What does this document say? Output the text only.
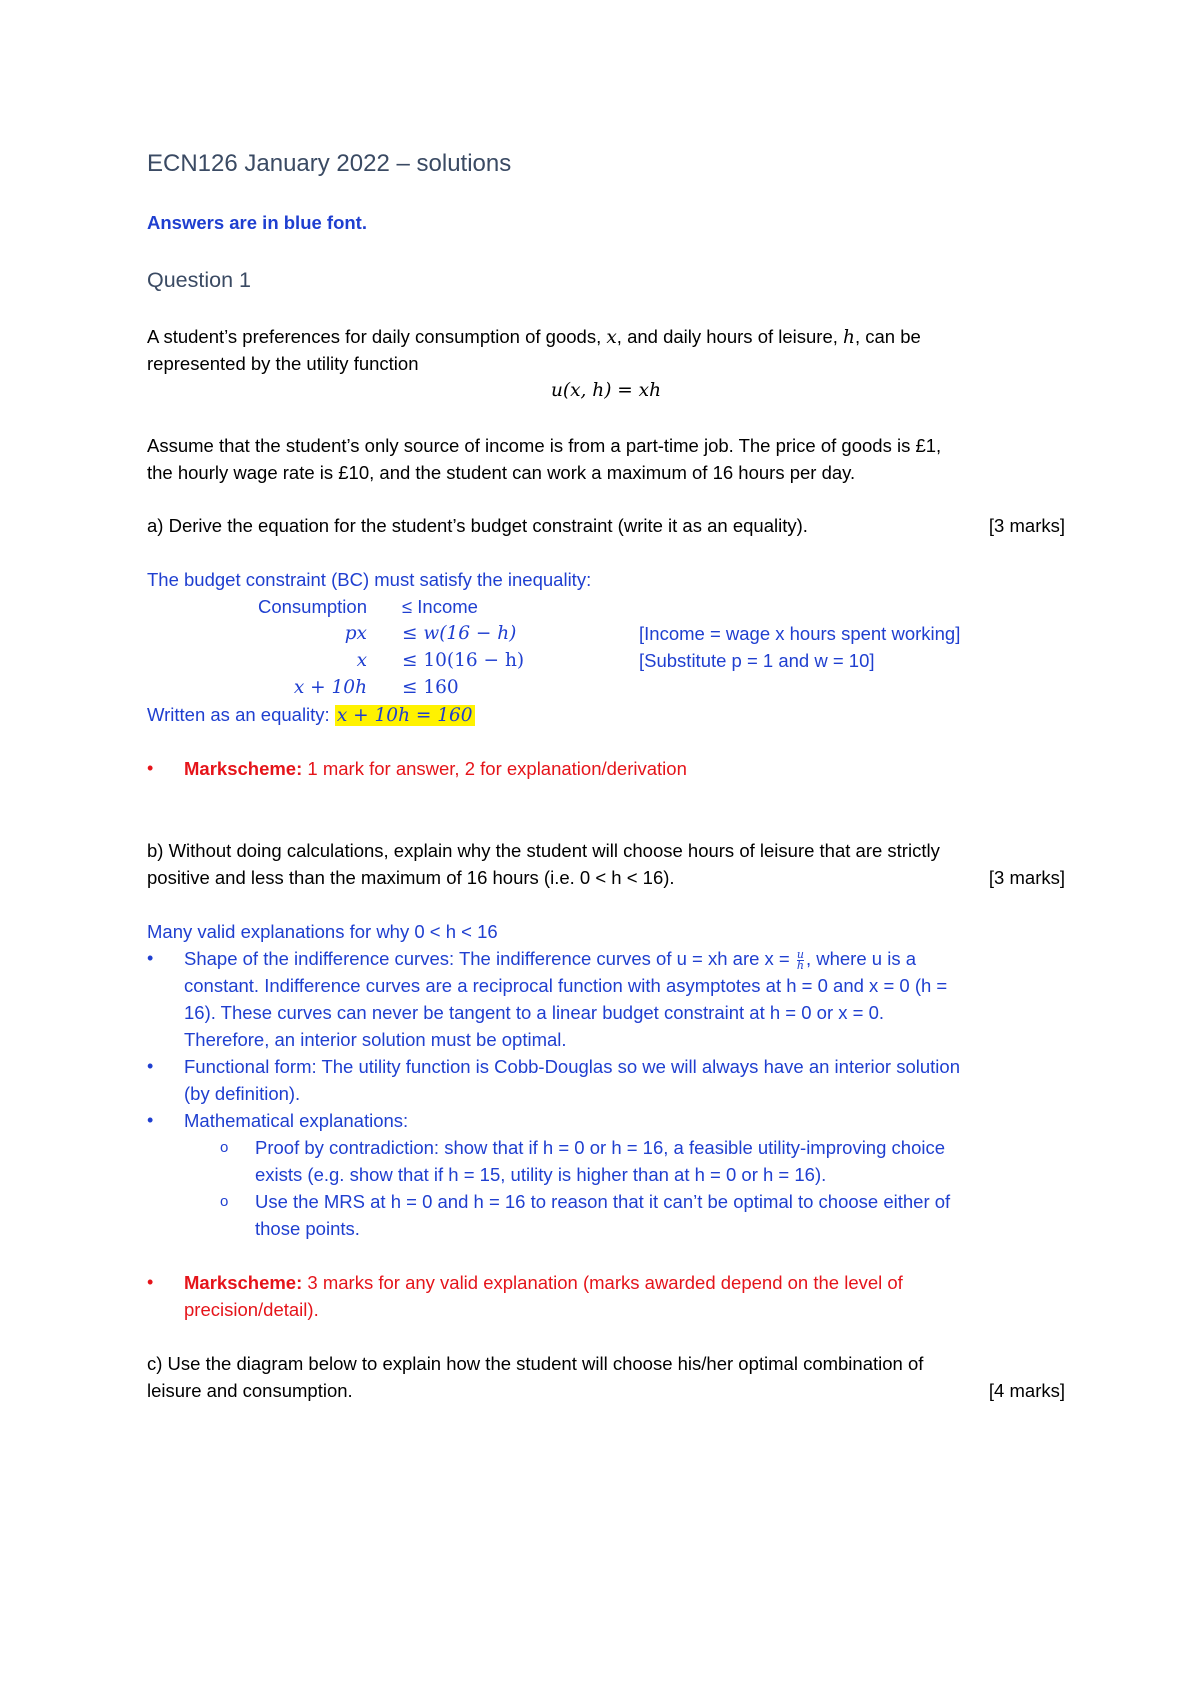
ECN126 January 2022 – solutions
Answers are in blue font.
Question 1
A student’s preferences for daily consumption of goods, x, and daily hours of leisure, h, can be
represented by the utility function
u(x, h) = xh
Assume that the student’s only source of income is from a part-time job. The price of goods is £1,
the hourly wage rate is £10, and the student can work a maximum of 16 hours per day.
a) Derive the equation for the student’s budget constraint (write it as an equality).	[3 marks]
The budget constraint (BC) must satisfy the inequality:
Consumption ≤ Income
px ≤ w(16 − h)	[Income = wage x hours spent working]
x ≤ 10(16 − h)	[Substitute p = 1 and w = 10]
x + 10h ≤ 160
Written as an equality: x + 10h = 160
• Markscheme: 1 mark for answer, 2 for explanation/derivation
b) Without doing calculations, explain why the student will choose hours of leisure that are strictly
positive and less than the maximum of 16 hours (i.e. 0 < h < 16).	[3 marks]
Many valid explanations for why 0 < h < 16
• Shape of the indifference curves: The indifference curves of u = xh are $x = \frac{u}{h}$ , where u is a
constant. Indifference curves are a reciprocal function with asymptotes at h = 0 and x = 0 (h =
16). These curves can never be tangent to a linear budget constraint at h = 0 or x = 0.
Therefore, an interior solution must be optimal.
• Functional form: The utility function is Cobb-Douglas so we will always have an interior solution
(by definition).
• Mathematical explanations:
o Proof by contradiction: show that if h = 0 or h = 16, a feasible utility-improving choice
exists (e.g. show that if h = 15, utility is higher than at h = 0 or h = 16).
o Use the MRS at h = 0 and h = 16 to reason that it can’t be optimal to choose either of
those points.
• Markscheme: 3 marks for any valid explanation (marks awarded depend on the level of
precision/detail).
c) Use the diagram below to explain how the student will choose his/her optimal combination of
leisure and consumption.	[4 marks]
